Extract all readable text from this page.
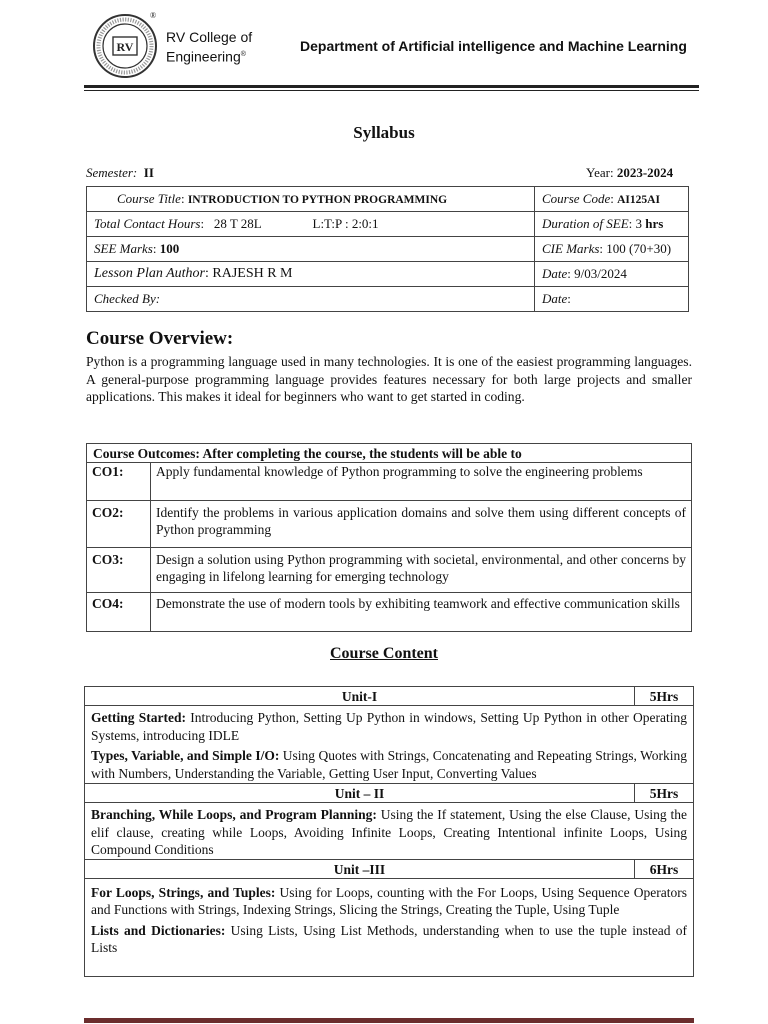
RV
®
RV College of
Engineering®
Department of Artificial intelligence and Machine Learning
Syllabus
Semester: II	Year: 2023-2024
Course Title: INTRODUCTION TO PYTHON PROGRAMMING	Course Code: AI125AI
Total Contact Hours:   28 T 28L L:T:P : 2:0:1	Duration of SEE: 3 hrs
SEE Marks: 100	CIE Marks: 100 (70+30)
Lesson Plan Author: RAJESH R M	Date: 9/03/2024
Checked By:	Date:
Course Overview:
Python is a programming language used in many technologies. It is one of the easiest programming languages. A general-purpose programming language provides features necessary for both large projects and smaller applications. This makes it ideal for beginners who want to get started in coding.
Course Outcomes: After completing the course, the students will be able to	
CO1:	Apply fundamental knowledge of Python programming to solve the engineering problems
CO2:	Identify the problems in various application domains and solve them using different concepts of Python programming
CO3:	Design a solution using Python programming with societal, environmental, and other concerns by engaging in lifelong learning for emerging technology
CO4:	Demonstrate the use of modern tools by exhibiting teamwork and effective communication skills
Course Content
Unit-I	5Hrs

Getting Started: Introducing Python, Setting Up Python in windows, Setting Up Python in other Operating Systems, introducing IDLE

Types, Variable, and Simple I/O: Using Quotes with Strings, Concatenating and Repeating Strings, Working with Numbers, Understanding the Variable, Getting User Input, Converting Values	

Unit – II	5Hrs

Branching, While Loops, and Program Planning: Using the If statement, Using the else Clause, Using the elif clause, creating while Loops, Avoiding Infinite Loops, Creating Intentional infinite Loops, Using Compound Conditions	

Unit –III	6Hrs

For Loops, Strings, and Tuples: Using for Loops, counting with the For Loops, Using Sequence Operators and Functions with Strings, Indexing Strings, Slicing the Strings, Creating the Tuple, Using Tuple

Lists and Dictionaries: Using Lists, Using List Methods, understanding when to use the tuple instead of Lists	
